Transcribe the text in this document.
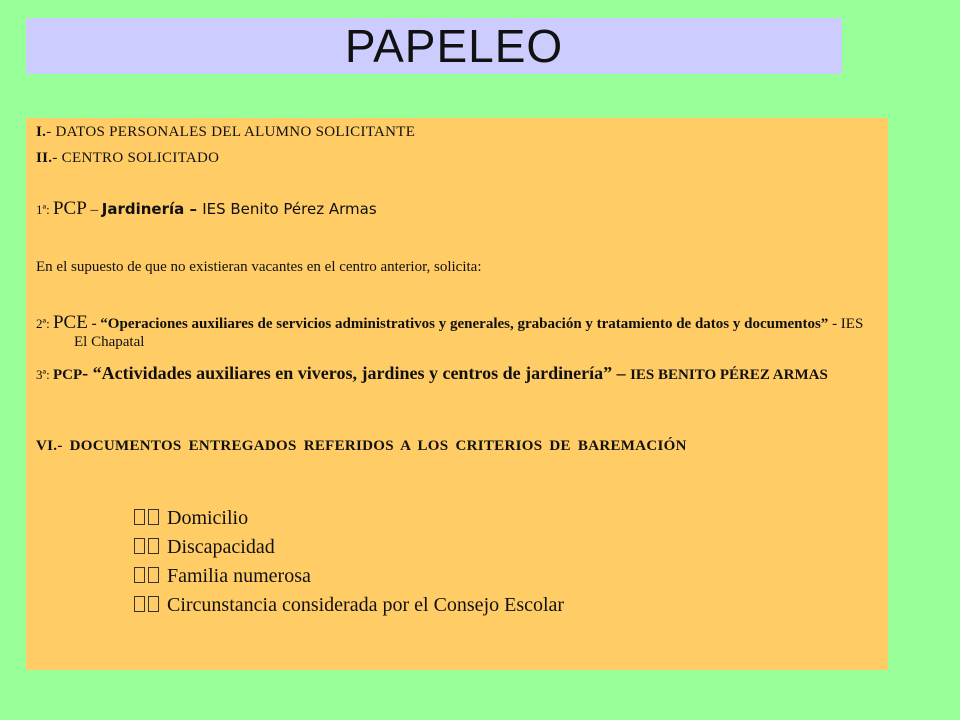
PAPELEO
I.- DATOS PERSONALES DEL ALUMNO SOLICITANTE
II.- CENTRO SOLICITADO
1ª: PCP – Jardinería – IES Benito Pérez Armas
En el supuesto de que no existieran vacantes en el centro anterior, solicita:
2ª: PCE - “Operaciones auxiliares de servicios administrativos y generales, grabación y tratamiento de datos y documentos” - IES El Chapatal
3ª: PCP- “Actividades auxiliares en viveros, jardines y centros de jardinería” – IES BENITO PÉREZ ARMAS
VI.- DOCUMENTOS ENTREGADOS REFERIDOS A LOS CRITERIOS DE BAREMACIÓN
Domicilio
Discapacidad
Familia numerosa
Circunstancia considerada por el Consejo Escolar
